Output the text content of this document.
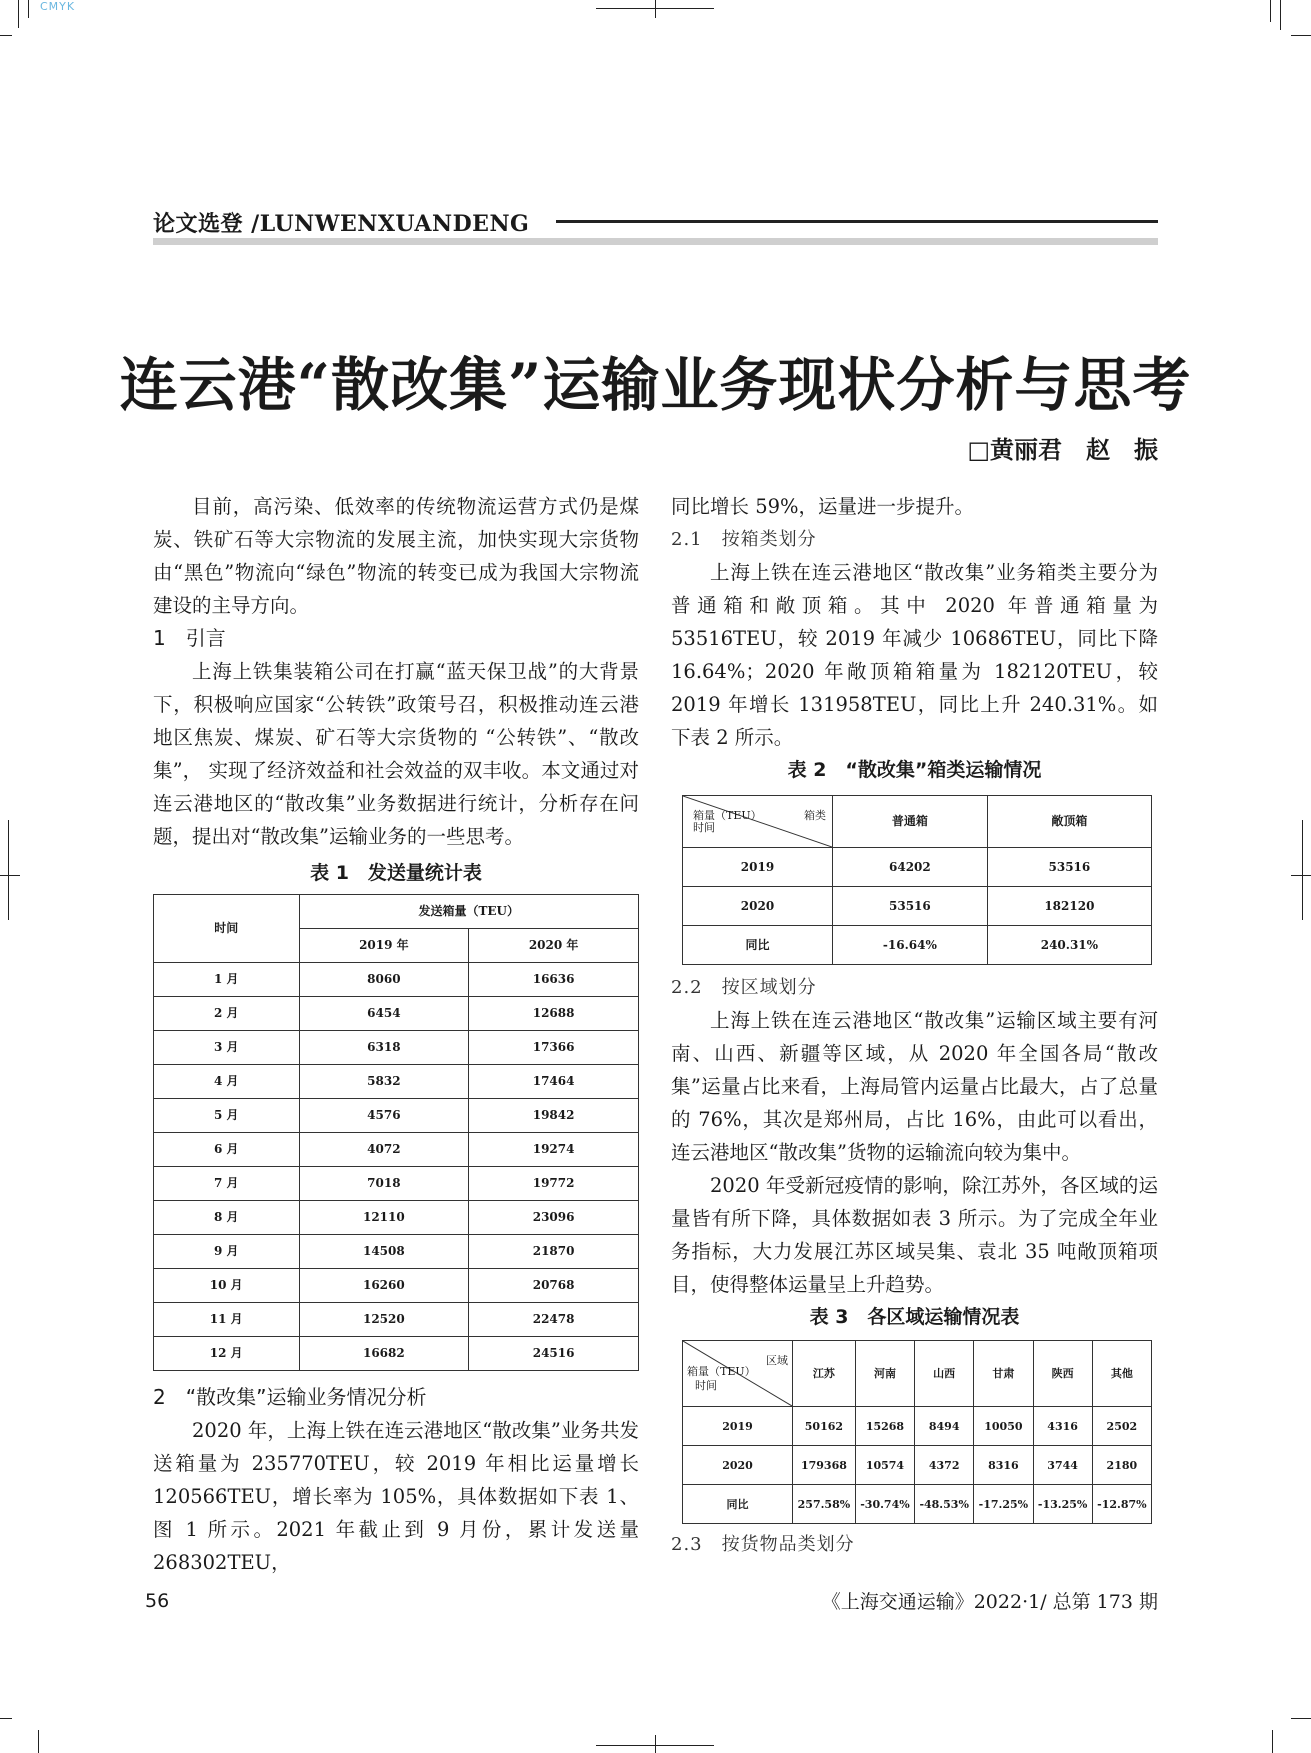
CMYK
论文选登 /LUNWENXUANDENG
连云港“散改集”运输业务现状分析与思考
□黄丽君　赵　振

目前，高污染、低效率的传统物流运营方式仍是煤炭、铁矿石等大宗物流的发展主流，加快实现大宗货物由“黑色”物流向“绿色”物流的转变已成为我国大宗物流建设的主导方向。

1　引言

上海上铁集装箱公司在打赢“蓝天保卫战”的大背景下，积极响应国家“公转铁”政策号召，积极推动连云港地区焦炭、煤炭、矿石等大宗货物的 “公转铁”、“散改集”， 实现了经济效益和社会效益的双丰收。本文通过对连云港地区的“散改集”业务数据进行统计，分析存在问题，提出对“散改集”运输业务的一些思考。

表 1　发送量统计表
时间	发送箱量（TEU）	
	2019 年	2020 年
1 月	8060	16636
2 月	6454	12688
3 月	6318	17366
4 月	5832	17464
5 月	4576	19842
6 月	4072	19274
7 月	7018	19772
8 月	12110	23096
9 月	14508	21870
10 月	16260	20768
11 月	12520	22478
12 月	16682	24516
2　“散改集”运输业务情况分析

2020 年，上海上铁在连云港地区“散改集”业务共发送箱量为 235770TEU，较 2019 年相比运量增长 120566TEU，增长率为 105%，具体数据如下表 1、图 1 所示。2021 年截止到 9 月份，累计发送量 268302TEU，

同比增长 59%，运量进一步提升。

2.1　按箱类划分

上海上铁在连云港地区“散改集”业务箱类主要分为普通箱和敞顶箱。其中 2020 年普通箱量为 53516TEU，较 2019 年减少 10686TEU，同比下降 16.64%；2020 年敞顶箱箱量为 182120TEU，较 2019 年增长 131958TEU，同比上升 240.31%。如下表 2 所示。

表 2　“散改集”箱类运输情况
箱类
箱量（TEU）
时间	普通箱	敞顶箱
2019	64202	53516
2020	53516	182120
同比	-16.64%	240.31%
2.2　按区域划分

上海上铁在连云港地区“散改集”运输区域主要有河南、山西、新疆等区域，从 2020 年全国各局“散改集”运量占比来看，上海局管内运量占比最大，占了总量的 76%，其次是郑州局，占比 16%，由此可以看出，连云港地区“散改集”货物的运输流向较为集中。

2020 年受新冠疫情的影响，除江苏外，各区域的运量皆有所下降，具体数据如表 3 所示。为了完成全年业务指标，大力发展江苏区域吴集、袁北 35 吨敞顶箱项目，使得整体运量呈上升趋势。

表 3　各区域运输情况表
区域
箱量（TEU）
时间	江苏	河南	山西	甘肃	陕西	其他
2019	50162	15268	8494	10050	4316	2502
2020	179368	10574	4372	8316	3744	2180
同比	257.58%	-30.74%	-48.53%	-17.25%	-13.25%	-12.87%
2.3　按货物品类划分
56	《上海交通运输》2022·1/ 总第 173 期
